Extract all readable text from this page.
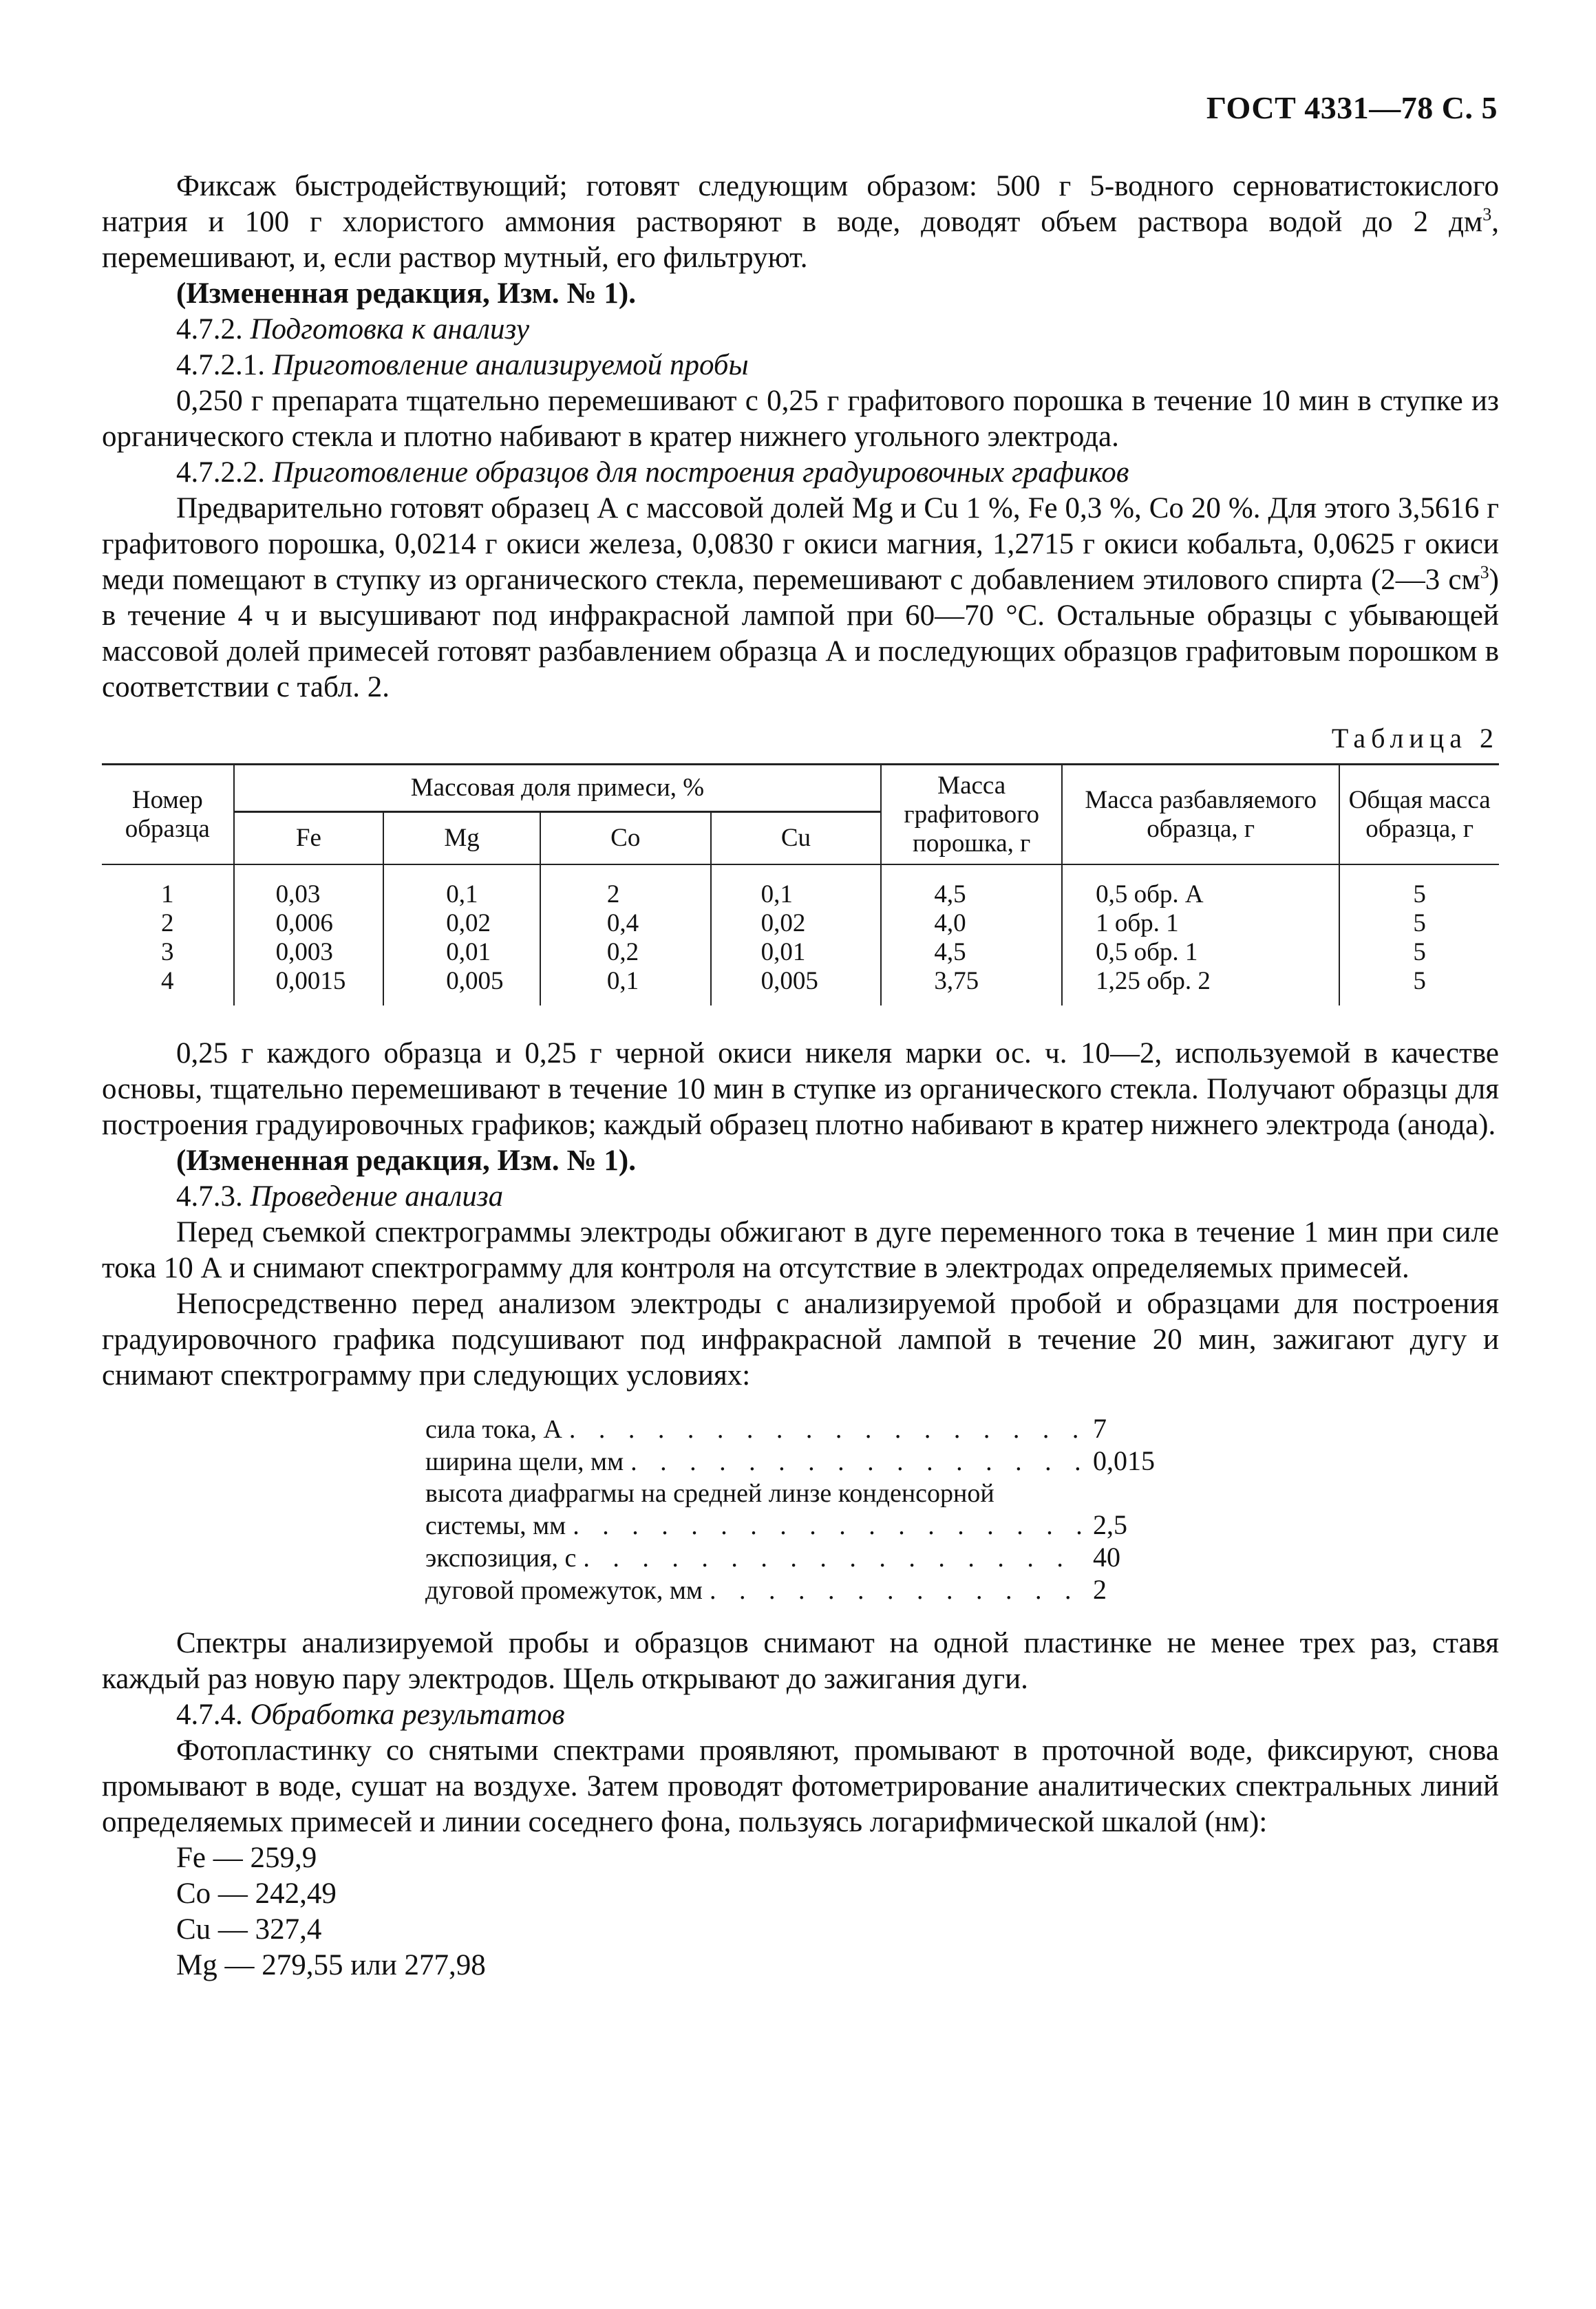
ГОСТ 4331—78 С. 5

Фиксаж быстродействующий; готовят следующим образом: 500 г 5-водного серноватистокислого натрия и 100 г хлористого аммония растворяют в воде, доводят объем раствора водой до 2 $дм^3$, перемешивают, и, если раствор мутный, его фильтруют.

(Измененная редакция, Изм. № 1).

4.7.2. Подготовка к анализу

4.7.2.1. Приготовление анализируемой пробы

0,250 г препарата тщательно перемешивают с 0,25 г графитового порошка в течение 10 мин в ступке из органического стекла и плотно набивают в кратер нижнего угольного электрода.

4.7.2.2. Приготовление образцов для построения градуировочных графиков

Предварительно готовят образец А с массовой долей Mg и Cu 1 %, Fe 0,3 %, Co 20 %. Для этого 3,5616 г графитового порошка, 0,0214 г окиси железа, 0,0830 г окиси магния, 1,2715 г окиси кобальта, 0,0625 г окиси меди помещают в ступку из органического стекла, перемешивают с добавлением этилового спирта (2—3 $см^3$) в течение 4 ч и высушивают под инфракрасной лампой при 60—70 °С. Остальные образцы с убывающей массовой долей примесей готовят разбавлением образца А и последующих образцов графитовым порошком в соответствии с табл. 2.

Таблица 2
Номер образца	Массовая доля примеси, %				Масса графитового порошка, г	Масса разбавляемого образца, г	Общая масса образца, г
	Fe	Mg	Co	Cu			
1	0,03	0,1	2	0,1	4,5	0,5 обр. А	5
2	0,006	0,02	0,4	0,02	4,0	1 обр. 1	5
3	0,003	0,01	0,2	0,01	4,5	0,5 обр. 1	5
4	0,0015	0,005	0,1	0,005	3,75	1,25 обр. 2	5

0,25 г каждого образца и 0,25 г черной окиси никеля марки ос. ч. 10—2, используемой в качестве основы, тщательно перемешивают в течение 10 мин в ступке из органического стекла. Получают образцы для построения градуировочных графиков; каждый образец плотно набивают в кратер нижнего электрода (анода).

(Измененная редакция, Изм. № 1).

4.7.3. Проведение анализа

Перед съемкой спектрограммы электроды обжигают в дуге переменного тока в течение 1 мин при силе тока 10 А и снимают спектрограмму для контроля на отсутствие в электродах определяемых примесей.

Непосредственно перед анализом электроды с анализируемой пробой и образцами для построения градуировочного графика подсушивают под инфракрасной лампой в течение 20 мин, зажигают дугу и снимают спектрограмму при следующих условиях:

сила тока, А . . .	7
ширина щели, мм . . .	0,015
высота диафрагмы на средней линзе конденсорной
системы, мм . . .	2,5
экспозиция, с . . .	40
дуговой промежуток, мм . . .	2

Спектры анализируемой пробы и образцов снимают на одной пластинке не менее трех раз, ставя каждый раз новую пару электродов. Щель открывают до зажигания дуги.

4.7.4. Обработка результатов

Фотопластинку со снятыми спектрами проявляют, промывают в проточной воде, фиксируют, снова промывают в воде, сушат на воздухе. Затем проводят фотометрирование аналитических спектральных линий определяемых примесей и линии соседнего фона, пользуясь логарифмической шкалой (нм):

Fe — 259,9

Co — 242,49

Cu — 327,4

Mg — 279,55 или 277,98
